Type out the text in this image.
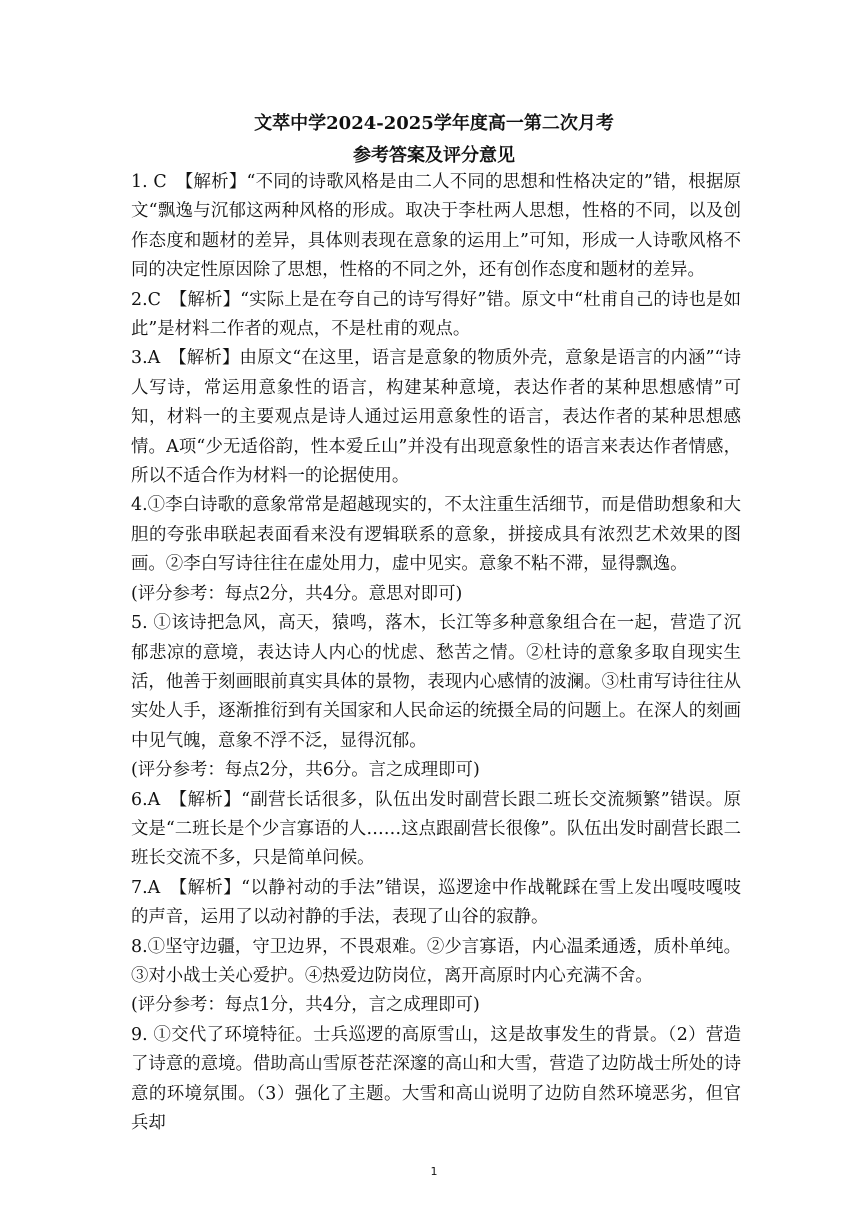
文萃中学2024-2025学年度高一第二次月考
参考答案及评分意见

1. C　【解析】“不同的诗歌风格是由二人不同的思想和性格决定的”错，根据原文“飘逸与沉郁这两种风格的形成。取决于李杜两人思想，性格的不同，以及创作态度和题材的差异，具体则表现在意象的运用上”可知，形成一人诗歌风格不同的决定性原因除了思想，性格的不同之外，还有创作态度和题材的差异。

2.C　【解析】“实际上是在夸自己的诗写得好”错。原文中“杜甫自己的诗也是如此”是材料二作者的观点，不是杜甫的观点。

3.A　【解析】由原文“在这里，语言是意象的物质外壳，意象是语言的内涵”“诗人写诗，常运用意象性的语言，构建某种意境，表达作者的某种思想感情”可知，材料一的主要观点是诗人通过运用意象性的语言，表达作者的某种思想感情。A项“少无适俗韵，性本爱丘山”并没有出现意象性的语言来表达作者情感，所以不适合作为材料一的论据使用。

4.①李白诗歌的意象常常是超越现实的，不太注重生活细节，而是借助想象和大胆的夸张串联起表面看来没有逻辑联系的意象，拼接成具有浓烈艺术效果的图画。②李白写诗往往在虚处用力，虚中见实。意象不粘不滞，显得飘逸。

(评分参考：每点2分，共4分。意思对即可)

5. ①该诗把急风，高天，猿鸣，落木，长江等多种意象组合在一起，营造了沉郁悲凉的意境，表达诗人内心的忧虑、愁苦之情。②杜诗的意象多取自现实生活，他善于刻画眼前真实具体的景物，表现内心感情的波澜。③杜甫写诗往往从实处人手，逐渐推衍到有关国家和人民命运的统摄全局的问题上。在深人的刻画中见气魄，意象不浮不泛，显得沉郁。

(评分参考：每点2分，共6分。言之成理即可)

6.A　【解析】“副营长话很多，队伍出发时副营长跟二班长交流频繁”错误。原文是“二班长是个少言寡语的人……这点跟副营长很像”。队伍出发时副营长跟二班长交流不多，只是简单问候。

7.A　【解析】“以静衬动的手法”错误，巡逻途中作战靴踩在雪上发出嘎吱嘎吱的声音，运用了以动衬静的手法，表现了山谷的寂静。

8.①坚守边疆，守卫边界，不畏艰难。②少言寡语，内心温柔通透，质朴单纯。③对小战士关心爱护。④热爱边防岗位，离开高原时内心充满不舍。

(评分参考：每点1分，共4分，言之成理即可)

9. ①交代了环境特征。士兵巡逻的高原雪山，这是故事发生的背景。（2）营造了诗意的意境。借助高山雪原苍茫深邃的高山和大雪，营造了边防战士所处的诗意的环境氛围。（3）强化了主题。大雪和高山说明了边防自然环境恶劣，但官兵却

1
